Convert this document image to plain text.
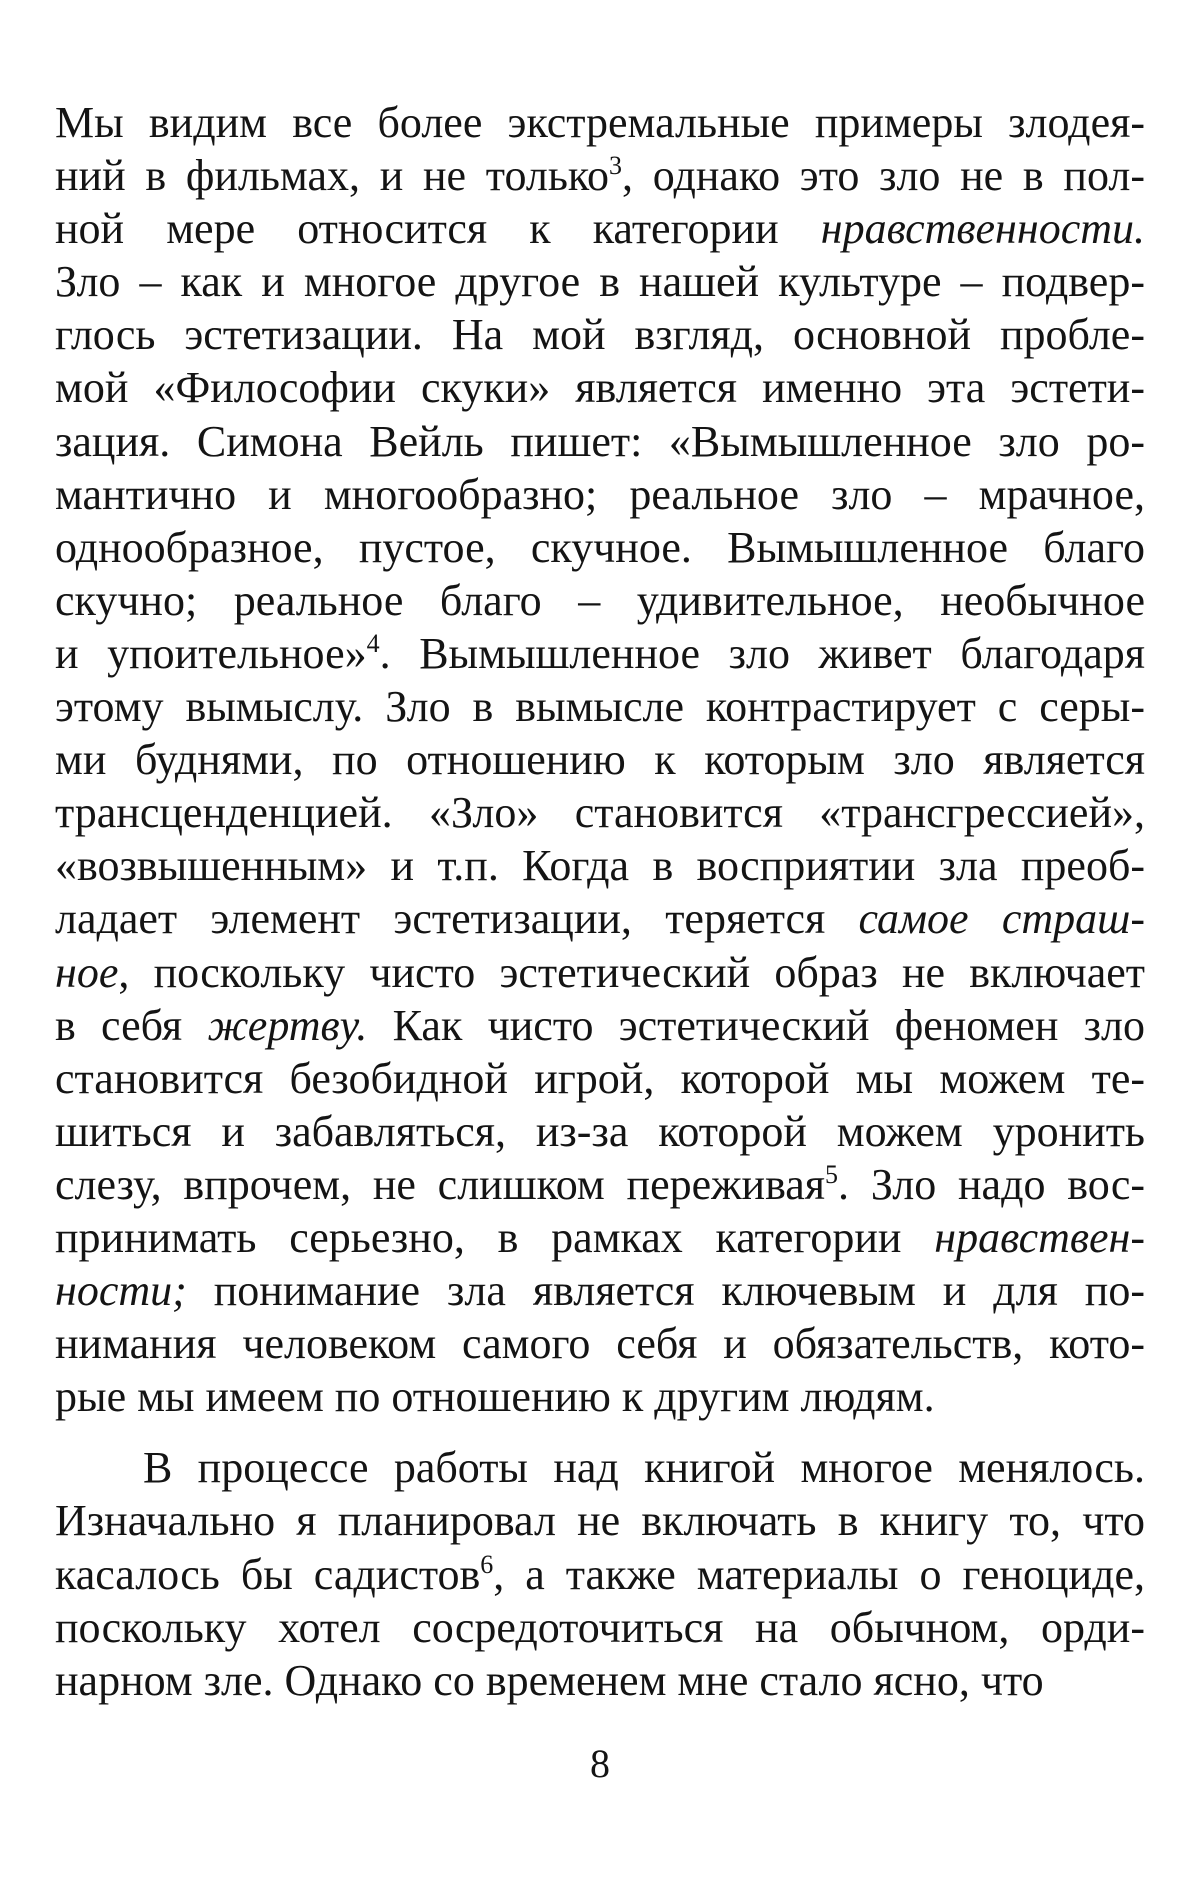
Мы видим все более экстремальные примеры злодея-
ний в фильмах, и не только$^3$, однако это зло не в пол-
ной мере относится к категории нравственности.
Зло – как и многое другое в нашей культуре – подвер-
глось эстетизации. На мой взгляд, основной пробле-
мой «Философии скуки» является именно эта эстети-
зация. Симона Вейль пишет: «Вымышленное зло ро-
мантично и многообразно; реальное зло – мрачное,
однообразное, пустое, скучное. Вымышленное благо
скучно; реальное благо – удивительное, необычное
и упоительное»$^4$. Вымышленное зло живет благодаря
этому вымыслу. Зло в вымысле контрастирует с серы-
ми буднями, по отношению к которым зло является
трансценденцией. «Зло» становится «трансгрессией»,
«возвышенным» и т.п. Когда в восприятии зла преоб-
ладает элемент эстетизации, теряется самое страш-
ное, поскольку чисто эстетический образ не включает
в себя жертву. Как чисто эстетический феномен зло
становится безобидной игрой, которой мы можем те-
шиться и забавляться, из-за которой можем уронить
слезу, впрочем, не слишком переживая$^5$. Зло надо вос-
принимать серьезно, в рамках категории нравствен-
ности; понимание зла является ключевым и для по-
нимания человеком самого себя и обязательств, кото-
рые мы имеем по отношению к другим людям.
В процессе работы над книгой многое менялось.
Изначально я планировал не включать в книгу то, что
касалось бы садистов$^6$, а также материалы о геноциде,
поскольку хотел сосредоточиться на обычном, орди-
нарном зле. Однако со временем мне стало ясно, что
8
